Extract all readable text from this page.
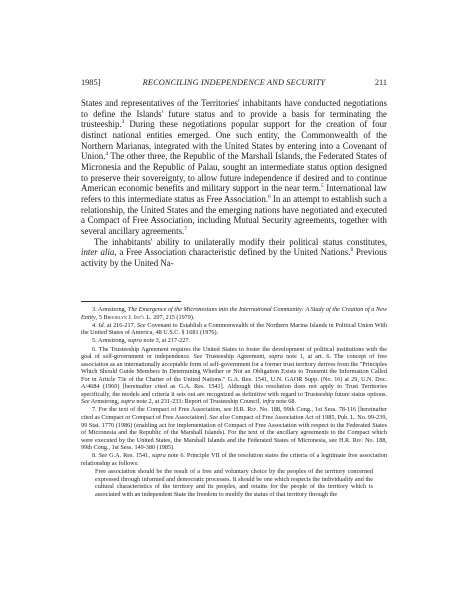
1985]	RECONCILING INDEPENDENCE AND SECURITY	211

States and representatives of the Territories' inhabitants have conducted negotiations to define the Islands' future status and to provide a basis for terminating the trusteeship.$^3$ During these negotiations popular support for the creation of four distinct national entities emerged. One such entity, the Commonwealth of the Northern Marianas, integrated with the United States by entering into a Covenant of Union.$^4$ The other three, the Republic of the Marshall Islands, the Federated States of Micronesia and the Republic of Palau, sought an intermediate status option designed to preserve their sovereignty, to allow future independence if desired and to continue American economic benefits and military support in the near term.$^5$ International law refers to this intermediate status as Free Association.$^6$ In an attempt to establish such a relationship, the United States and the emerging nations have negotiated and executed a Compact of Free Association, including Mutual Security agreements, together with several ancillary agreements.$^7$

The inhabitants' ability to unilaterally modify their political status constitutes, inter alia, a Free Association characteristic defined by the United Nations.$^8$ Previous activity by the United Na-

3. Armstrong, The Emergence of the Micronesians into the International Community: A Study of the Creation of a New Entity, 5 Brooklyn J. Int'l L. 207, 215 (1979).

4. Id. at 216-217. See Covenant to Establish a Commonwealth of the Northern Marina Islands in Political Union With the United States of America, 48 U.S.C. § 1681 (1976).

5. Armstrong, supra note 3, at 217-227.

6. The Trusteeship Agreement requires the United States to foster the development of political institutions with the goal of self-government or independence. See Trusteeship Agreement, supra note 1, at art. 6. The concept of free association as an internationally acceptable form of self-government for a former trust territory derives from the "Principles Which Should Guide Members In Determining Whether or Not an Obligation Exists to Transmit the Information Called For in Article 73e of the Charter of the United Nations." G.A. Res. 1541, U.N. GAOR Supp. (No. 16) at 29, U.N. Doc. A/4684 (1960) [hereinafter cited as G.A. Res. 1541]. Although this resolution does not apply to Trust Territories specifically, the models and criteria it sets out are recognized as definitive with regard to Trusteeship future status options. See Armstrong, supra note 2, at 231-233; Report of Trusteeship Council, infra note 68.

7. For the text of the Compact of Free Association, see H.R. Rep. No. 188, 99th Cong., 1st Sess. 78-116 [hereinafter cited as Compact or Compact of Free Association]. See also Compact of Free Association Act of 1985, Pub. L. No. 99-239, 99 Stat. 1770 (1986) (enabling act for implementation of Compact of Free Association with respect to the Federated States of Micronesia and the Republic of the Marshall Islands). For the text of the ancillary agreements to the Compact which were executed by the United States, the Marshall Islands and the Federated States of Micronesia, see H.R. Rep. No. 188, 99th Cong., 1st Sess. 149-380 (1985).

8. See G.A. Res. 1541, supra note 6. Principle VII of the resolution states the criteria of a legitimate free association relationship as follows:

Free association should be the result of a free and voluntary choice by the peoples of the territory concerned expressed through informed and democratic processes. It should be one which respects the individuality and the cultural characteristics of the territory and its peoples, and retains for the people of the territory which is associated with an independent State the freedom to modify the status of that territory through the
